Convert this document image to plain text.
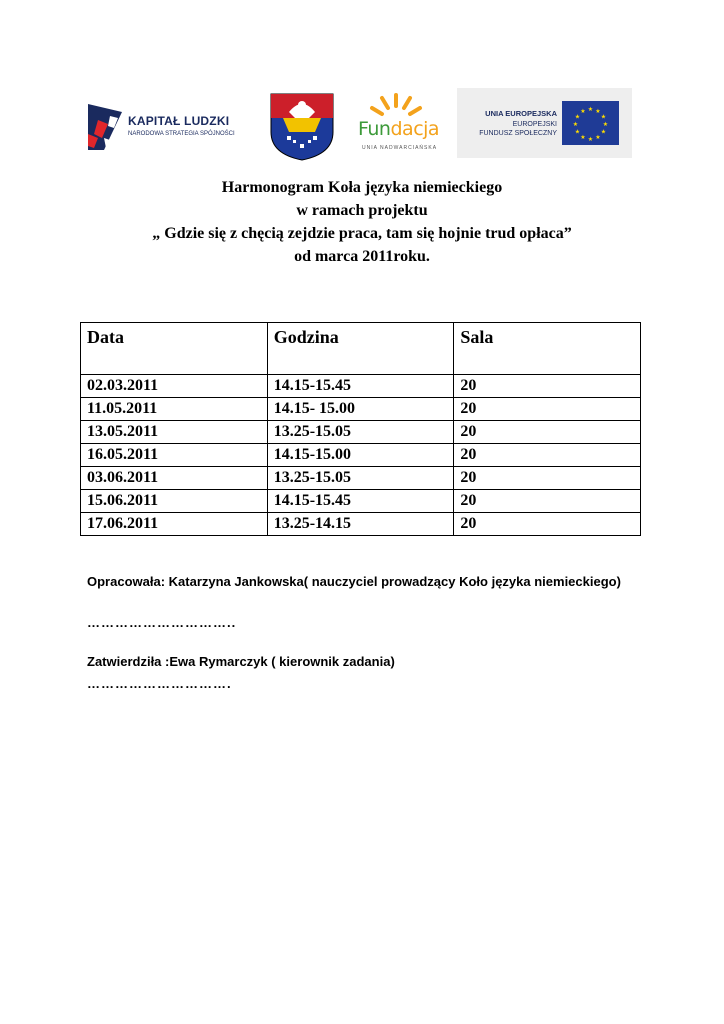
KAPITAŁ LUDZKI
NARODOWA STRATEGIA SPÓJNOŚCI	Fundacja
UNIA NADWARCIAŃSKA
UNIA EUROPEJSKA
EUROPEJSKI
FUNDUSZ SPOŁECZNY
★ ★
★
★
★
★
★
★
★
★
★
★
Harmonogram Koła języka niemieckiego
w ramach projektu
„ Gdzie się z chęcią zejdzie praca, tam się hojnie trud opłaca”
od marca 2011roku.
Data	Godzina	Sala
02.03.2011	14.15-15.45	20
11.05.2011	14.15- 15.00	20
13.05.2011	13.25-15.05	20
16.05.2011	14.15-15.00	20
03.06.2011	13.25-15.05	20
15.06.2011	14.15-15.45	20
17.06.2011	13.25-14.15	20
Opracowała: Katarzyna Jankowska( nauczyciel prowadzący Koło języka niemieckiego)
…………………………..
Zatwierdziła :Ewa Rymarczyk ( kierownik zadania)
………………………….
